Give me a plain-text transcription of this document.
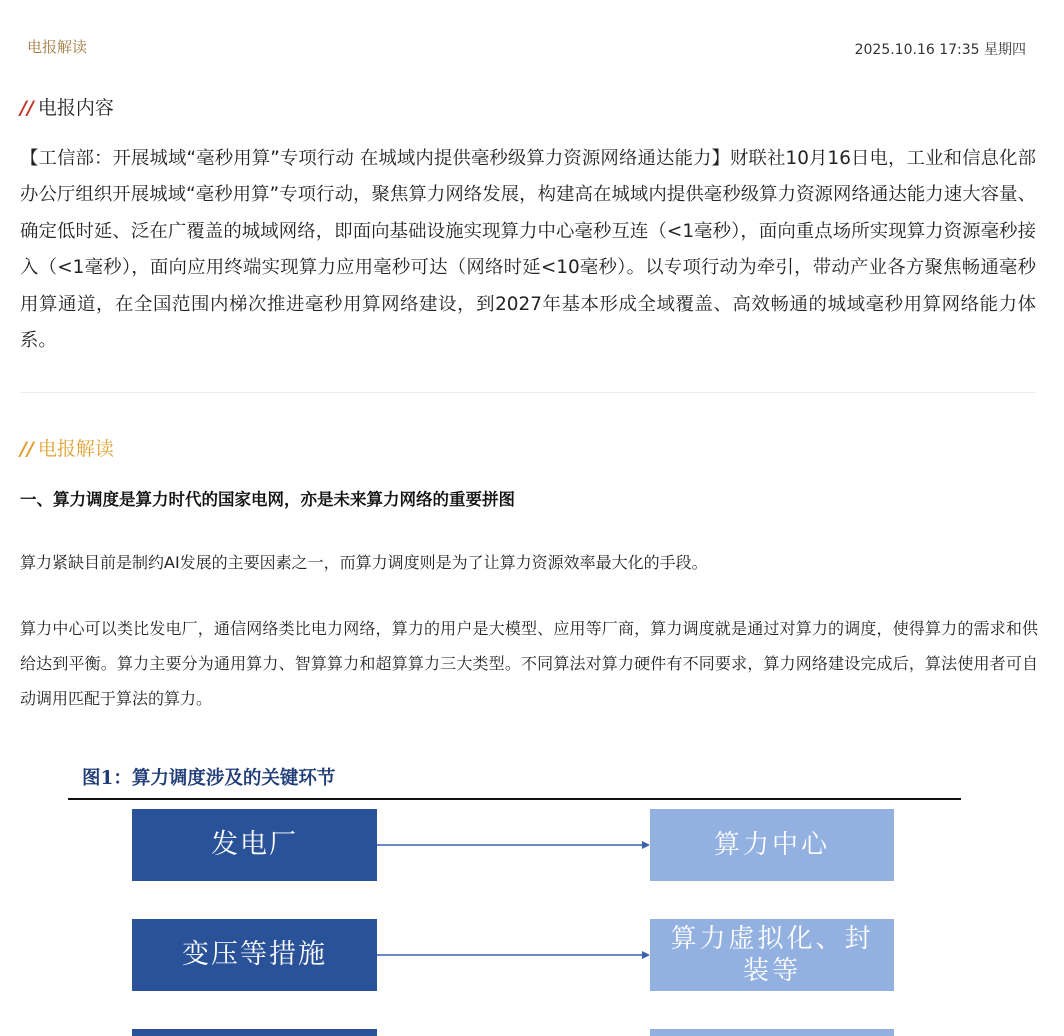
电报解读	2025.10.16 17:35 星期四
// 电报内容
【工信部：开展城域“毫秒用算”专项行动 在城域内提供毫秒级算力资源网络通达能力】财联社10月16日电，工业和信息化部办公厅组织开展城域“毫秒用算”专项行动，聚焦算力网络发展，构建高在城域内提供毫秒级算力资源网络通达能力速大容量、确定低时延、泛在广覆盖的城域网络，即面向基础设施实现算力中心毫秒互连（<1毫秒），面向重点场所实现算力资源毫秒接入（<1毫秒），面向应用终端实现算力应用毫秒可达（网络时延<10毫秒）。以专项行动为牵引，带动产业各方聚焦畅通毫秒用算通道，在全国范围内梯次推进毫秒用算网络建设，到2027年基本形成全域覆盖、高效畅通的城域毫秒用算网络能力体系。
// 电报解读
一、算力调度是算力时代的国家电网，亦是未来算力网络的重要拼图
算力紧缺目前是制约AI发展的主要因素之一，而算力调度则是为了让算力资源效率最大化的手段。
算力中心可以类比发电厂，通信网络类比电力网络，算力的用户是大模型、应用等厂商，算力调度就是通过对算力的调度，使得算力的需求和供给达到平衡。算力主要分为通用算力、智算算力和超算算力三大类型。不同算法对算力硬件有不同要求，算力网络建设完成后，算法使用者可自动调用匹配于算法的算力。
图1：算力调度涉及的关键环节
发电厂	算力中心
变压等措施
算力虚拟化、封装等
